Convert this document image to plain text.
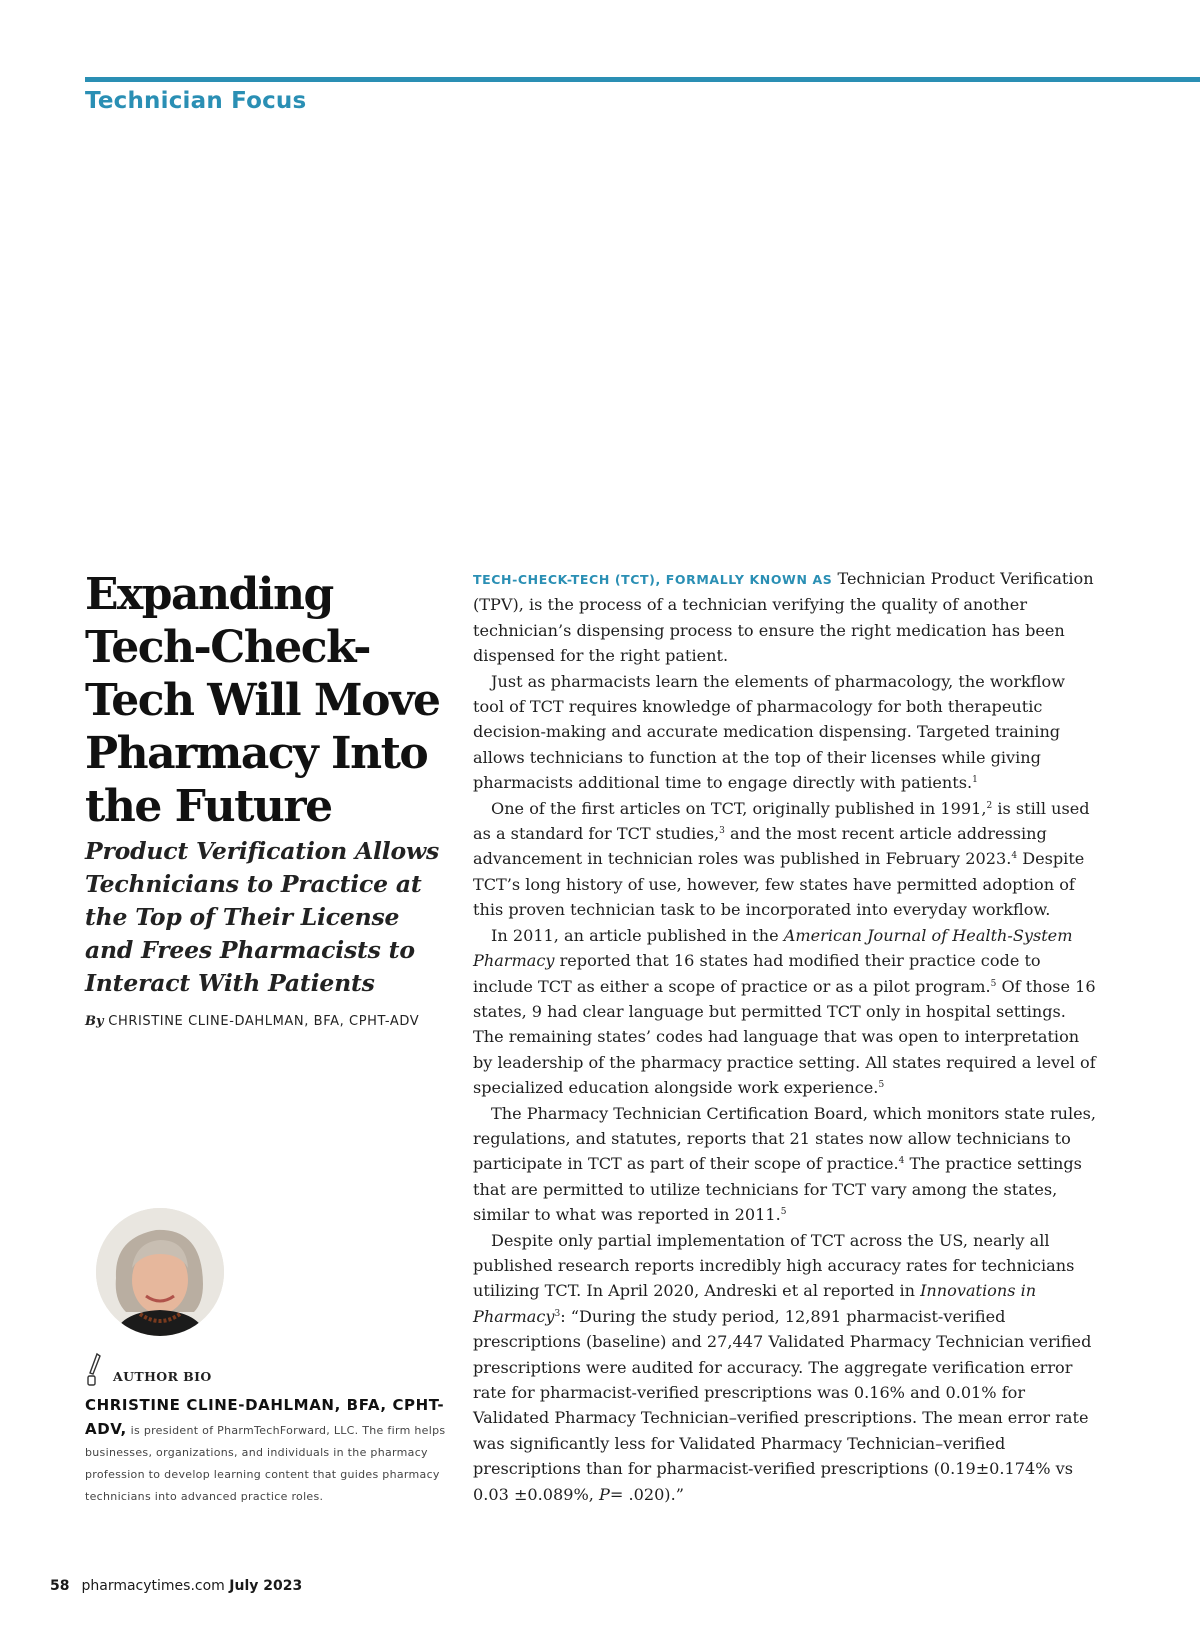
Technician Focus
Expanding Tech-Check-Tech Will Move Pharmacy Into the Future

Product Verification Allows Technicians to Practice at the Top of Their License and Frees Pharmacists to Interact With Patients

By CHRISTINE CLINE-DAHLMAN, BFA, CPHT-ADV
AUTHOR BIO

CHRISTINE CLINE-DAHLMAN, BFA, CPHT-ADV, is president of PharmTechForward, LLC. The firm helps businesses, organizations, and individuals in the pharmacy profession to develop learning content that guides pharmacy technicians into advanced practice roles.

TECH-CHECK-TECH (TCT), FORMALLY KNOWN AS Technician Product Verification (TPV), is the process of a technician verifying the quality of another technician’s dispensing process to ensure the right medication has been dispensed for the right patient.

Just as pharmacists learn the elements of pharmacology, the workflow tool of TCT requires knowledge of pharmacology for both therapeutic decision-making and accurate medication dispensing. Targeted training allows technicians to function at the top of their licenses while giving pharmacists additional time to engage directly with patients.$^1$

One of the first articles on TCT, originally published in 1991,$^2$ is still used as a standard for TCT studies,$^3$ and the most recent article addressing advancement in technician roles was published in February 2023.$^4$ Despite TCT’s long history of use, however, few states have permitted adoption of this proven technician task to be incorporated into everyday workflow.

In 2011, an article published in the American Journal of Health-System Pharmacy reported that 16 states had modified their practice code to include TCT as either a scope of practice or as a pilot program.$^5$ Of those 16 states, 9 had clear language but permitted TCT only in hospital settings. The remaining states’ codes had language that was open to interpretation by leadership of the pharmacy practice setting. All states required a level of specialized education alongside work experience.$^5$

The Pharmacy Technician Certification Board, which monitors state rules, regulations, and statutes, reports that 21 states now allow technicians to participate in TCT as part of their scope of practice.$^4$ The practice settings that are permitted to utilize technicians for TCT vary among the states, similar to what was reported in 2011.$^5$

Despite only partial implementation of TCT across the US, nearly all published research reports incredibly high accuracy rates for technicians utilizing TCT. In April 2020, Andreski et al reported in Innovations in Pharmacy$^3$: “During the study period, 12,891 pharmacist-verified prescriptions (baseline) and 27,447 Validated Pharmacy Technician verified prescriptions were audited for accuracy. The aggregate verification error rate for pharmacist-verified prescriptions was 0.16% and 0.01% for Validated Pharmacy Technician–verified prescriptions. The mean error rate was significantly less for Validated Pharmacy Technician–verified prescriptions than for pharmacist-verified prescriptions (0.19±0.174% vs 0.03 ±0.089%, P= .020).”

58 pharmacytimes.com July 2023
